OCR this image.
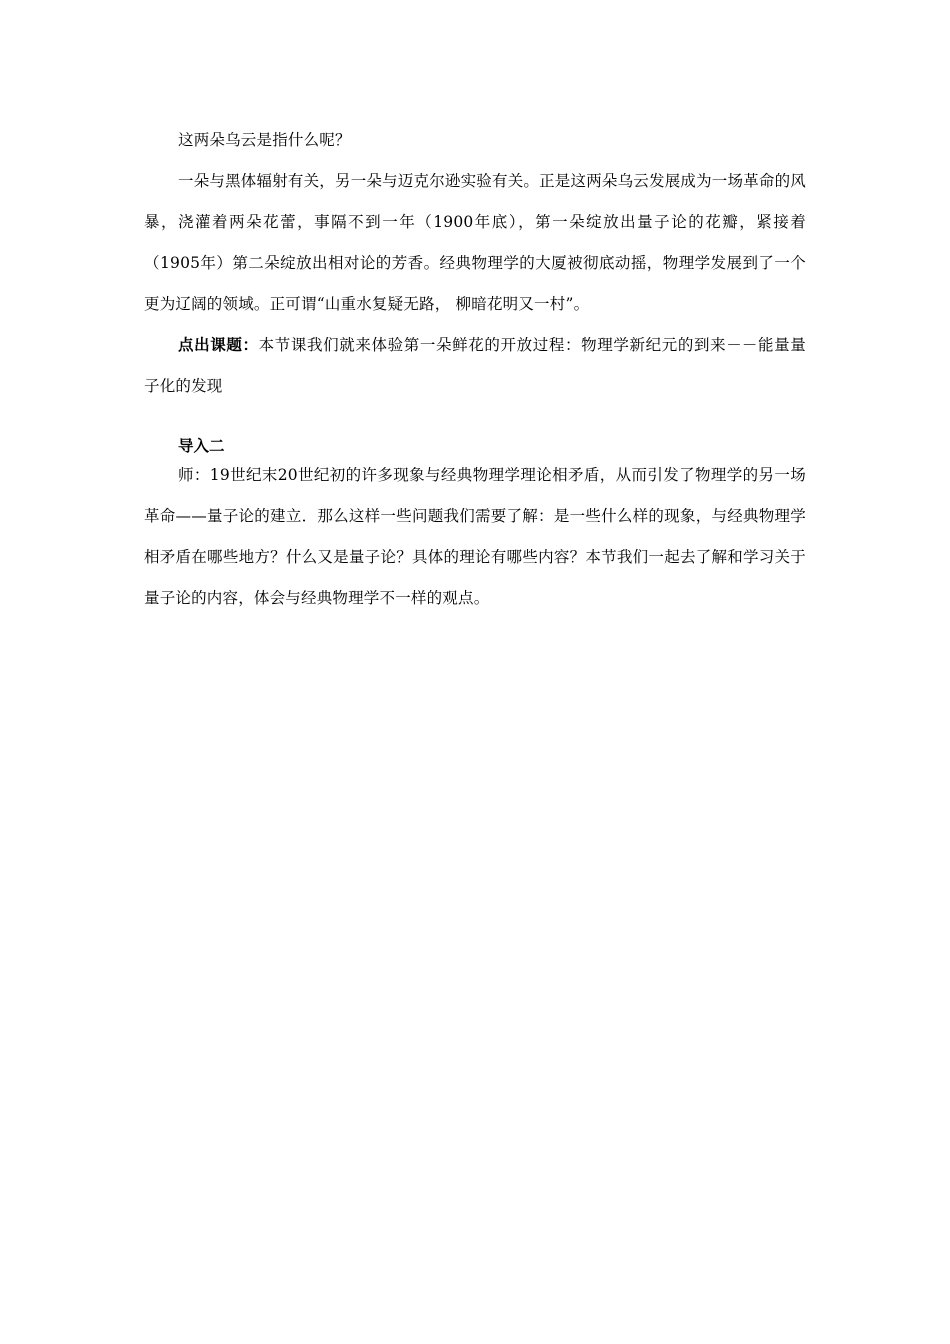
这两朵乌云是指什么呢？

一朵与黑体辐射有关，另一朵与迈克尔逊实验有关。正是这两朵乌云发展成为一场革命的风暴，浇灌着两朵花蕾，事隔不到一年（1900年底），第一朵绽放出量子论的花瓣，紧接着（1905年）第二朵绽放出相对论的芳香。经典物理学的大厦被彻底动摇，物理学发展到了一个更为辽阔的领域。正可谓“山重水复疑无路， 柳暗花明又一村”。

点出课题：本节课我们就来体验第一朵鲜花的开放过程：物理学新纪元的到来－－能量量子化的发现

导入二

师：19世纪末20世纪初的许多现象与经典物理学理论相矛盾，从而引发了物理学的另一场革命——量子论的建立．那么这样一些问题我们需要了解：是一些什么样的现象，与经典物理学相矛盾在哪些地方？什么又是量子论？具体的理论有哪些内容？本节我们一起去了解和学习关于量子论的内容，体会与经典物理学不一样的观点。
